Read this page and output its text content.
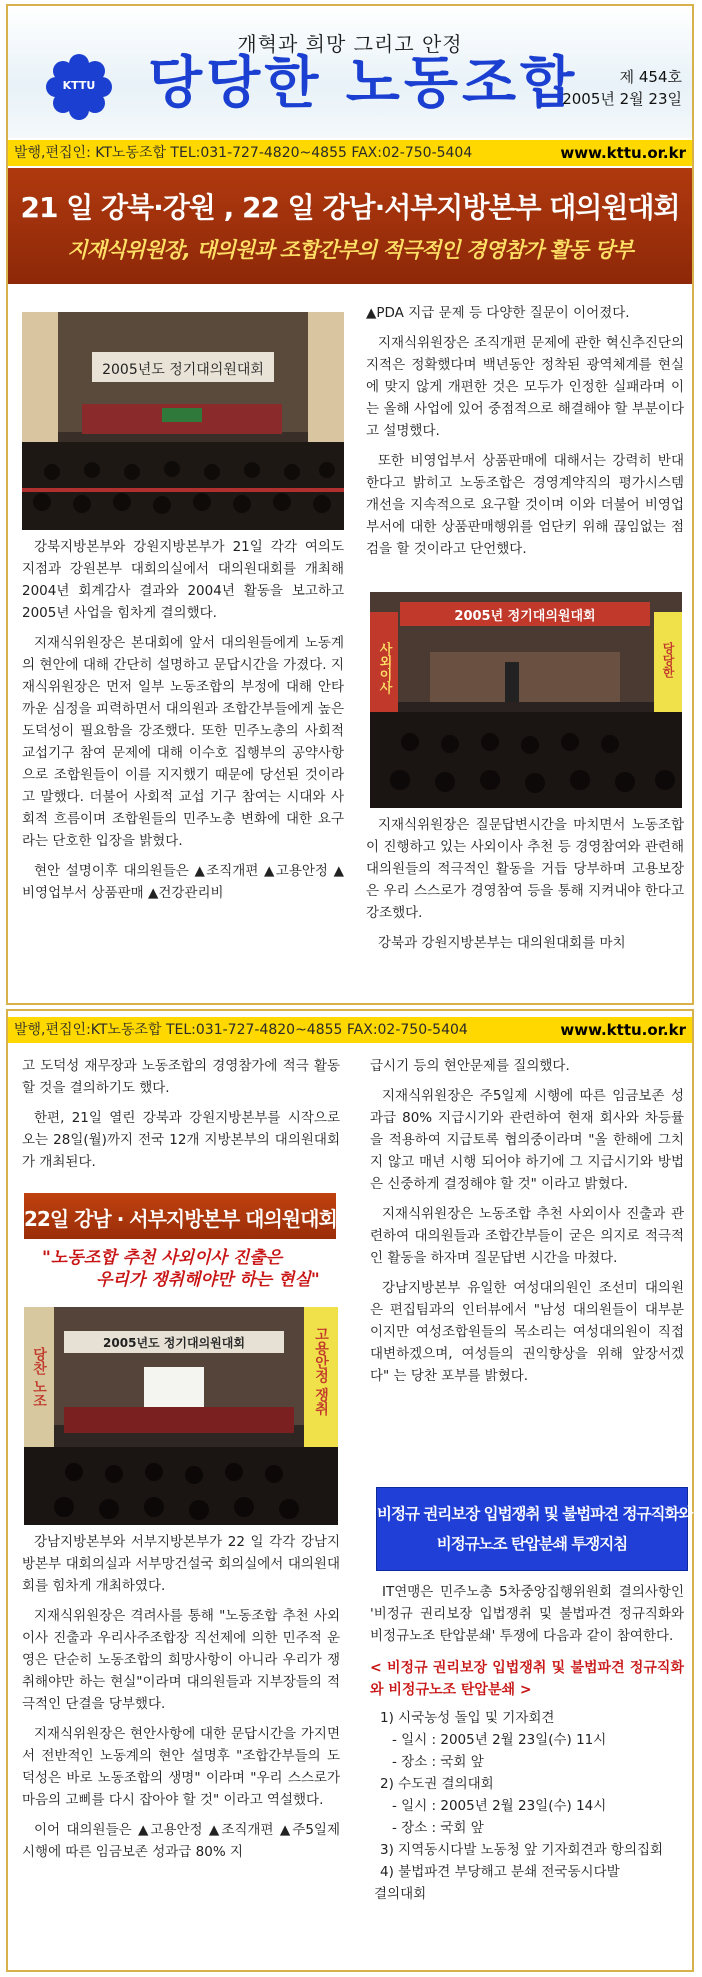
개혁과 희망 그리고 안정
KTTU 당당한 노동조합	제 454호
2005년 2월 23일
발행,편집인: KT노동조합 TEL:031-727-4820~4855 FAX:02-750-5404	www.kttu.or.kr
21 일 강북·강원 , 22 일 강남·서부지방본부 대의원대회
지재식위원장, 대의원과 조합간부의 적극적인 경영참가 활동 당부
2005년도 정기대의원대회

강북지방본부와 강원지방본부가 21일 각각 여의도 지점과 강원본부 대회의실에서 대의원대회를 개최해 2004년 회계감사 결과와 2004년 활동을 보고하고 2005년 사업을 힘차게 결의했다.

지재식위원장은 본대회에 앞서 대의원들에게 노동계의 현안에 대해 간단히 설명하고 문답시간을 가졌다. 지재식위원장은 먼저 일부 노동조합의 부정에 대해 안타까운 심정을 피력하면서 대의원과 조합간부들에게 높은 도덕성이 필요함을 강조했다. 또한 민주노총의 사회적 교섭기구 참여 문제에 대해 이수호 집행부의 공약사항으로 조합원들이 이를 지지했기 때문에 당선된 것이라고 말했다. 더불어 사회적 교섭 기구 참여는 시대와 사회적 흐름이며 조합원들의 민주노총 변화에 대한 요구라는 단호한 입장을 밝혔다.

현안 설명이후 대의원들은 ▲조직개편 ▲고용안정 ▲비영업부서 상품판매 ▲건강관리비

▲PDA 지급 문제 등 다양한 질문이 이어졌다.

지재식위원장은 조직개편 문제에 관한 혁신추진단의 지적은 정확했다며 백년동안 정착된 광역체계를 현실에 맞지 않게 개편한 것은 모두가 인정한 실패라며 이는 올해 사업에 있어 중점적으로 해결해야 할 부분이다고 설명했다.

또한 비영업부서 상품판매에 대해서는 강력히 반대한다고 밝히고 노동조합은 경영계약직의 평가시스템 개선을 지속적으로 요구할 것이며 이와 더불어 비영업부서에 대한 상품판매행위를 엄단키 위해 끊임없는 점검을 할 것이라고 단언했다.

2005년 정기대의원대회
사외이사	당당한

지재식위원장은 질문답변시간을 마치면서 노동조합이 진행하고 있는 사외이사 추천 등 경영참여와 관련해 대의원들의 적극적인 활동을 거듭 당부하며 고용보장은 우리 스스로가 경영참여 등을 통해 지켜내야 한다고 강조했다.

강북과 강원지방본부는 대의원대회를 마치

발행,편집인:KT노동조합 TEL:031-727-4820~4855 FAX:02-750-5404	www.kttu.or.kr

고 도덕성 재무장과 노동조합의 경영참가에 적극 활동할 것을 결의하기도 했다.

한편, 21일 열린 강북과 강원지방본부를 시작으로 오는 28일(월)까지 전국 12개 지방본부의 대의원대회가 개최된다.

22일 강남 · 서부지방본부 대의원대회
"노동조합 추천 사외이사 진출은
우리가 쟁취해야만 하는 현실"
2005년도 정기대의원대회
당찬 노조	고용안정 쟁취

강남지방본부와 서부지방본부가 22 일 각각 강남지방본부 대회의실과 서부망건설국 회의실에서 대의원대회를 힘차게 개최하였다.

지재식위원장은 격려사를 통해 "노동조합 추천 사외이사 진출과 우리사주조합장 직선제에 의한 민주적 운영은 단순히 노동조합의 희망사항이 아니라 우리가 쟁취해야만 하는 현실"이라며 대의원들과 지부장들의 적극적인 단결을 당부했다.

지재식위원장은 현안사항에 대한 문답시간을 가지면서 전반적인 노동계의 현안 설명후 "조합간부들의 도덕성은 바로 노동조합의 생명" 이라며 "우리 스스로가 마음의 고삐를 다시 잡아야 할 것" 이라고 역설했다.

이어 대의원들은 ▲고용안정 ▲조직개편 ▲주5일제 시행에 따른 임금보존 성과급 80% 지

급시기 등의 현안문제를 질의했다.

지재식위원장은 주5일제 시행에 따른 임금보존 성과급 80% 지급시기와 관련하여 현재 회사와 차등률을 적용하여 지급토록 협의중이라며 "올 한해에 그치지 않고 매년 시행 되어야 하기에 그 지급시기와 방법은 신중하게 결정해야 할 것" 이라고 밝혔다.

지재식위원장은 노동조합 추천 사외이사 진출과 관련하여 대의원들과 조합간부들이 굳은 의지로 적극적인 활동을 하자며 질문답변 시간을 마쳤다.

강남지방본부 유일한 여성대의원인 조선미 대의원은 편집팀과의 인터뷰에서 "남성 대의원들이 대부분이지만 여성조합원들의 목소리는 여성대의원이 직접 대변하겠으며, 여성들의 권익향상을 위해 앞장서겠다" 는 당찬 포부를 밝혔다.

비정규 권리보장 입법쟁취 및 불법파견 정규직화와
비정규노조 탄압분쇄 투쟁지침

IT연맹은 민주노총 5차중앙집행위원회 결의사항인 '비정규 권리보장 입법쟁취 및 불법파견 정규직화와 비정규노조 탄압분쇄' 투쟁에 다음과 같이 참여한다.

< 비정규 권리보장 입법쟁취 및 불법파견 정규직화와 비정규노조 탄압분쇄 >
1) 시국농성 돌입 및 기자회견
- 일시 : 2005년 2월 23일(수) 11시
- 장소 : 국회 앞
2) 수도권 결의대회
- 일시 : 2005년 2월 23일(수) 14시
- 장소 : 국회 앞
3) 지역동시다발 노동청 앞 기자회견과 항의집회
4) 불법파견 부당해고 분쇄 전국동시다발
결의대회
